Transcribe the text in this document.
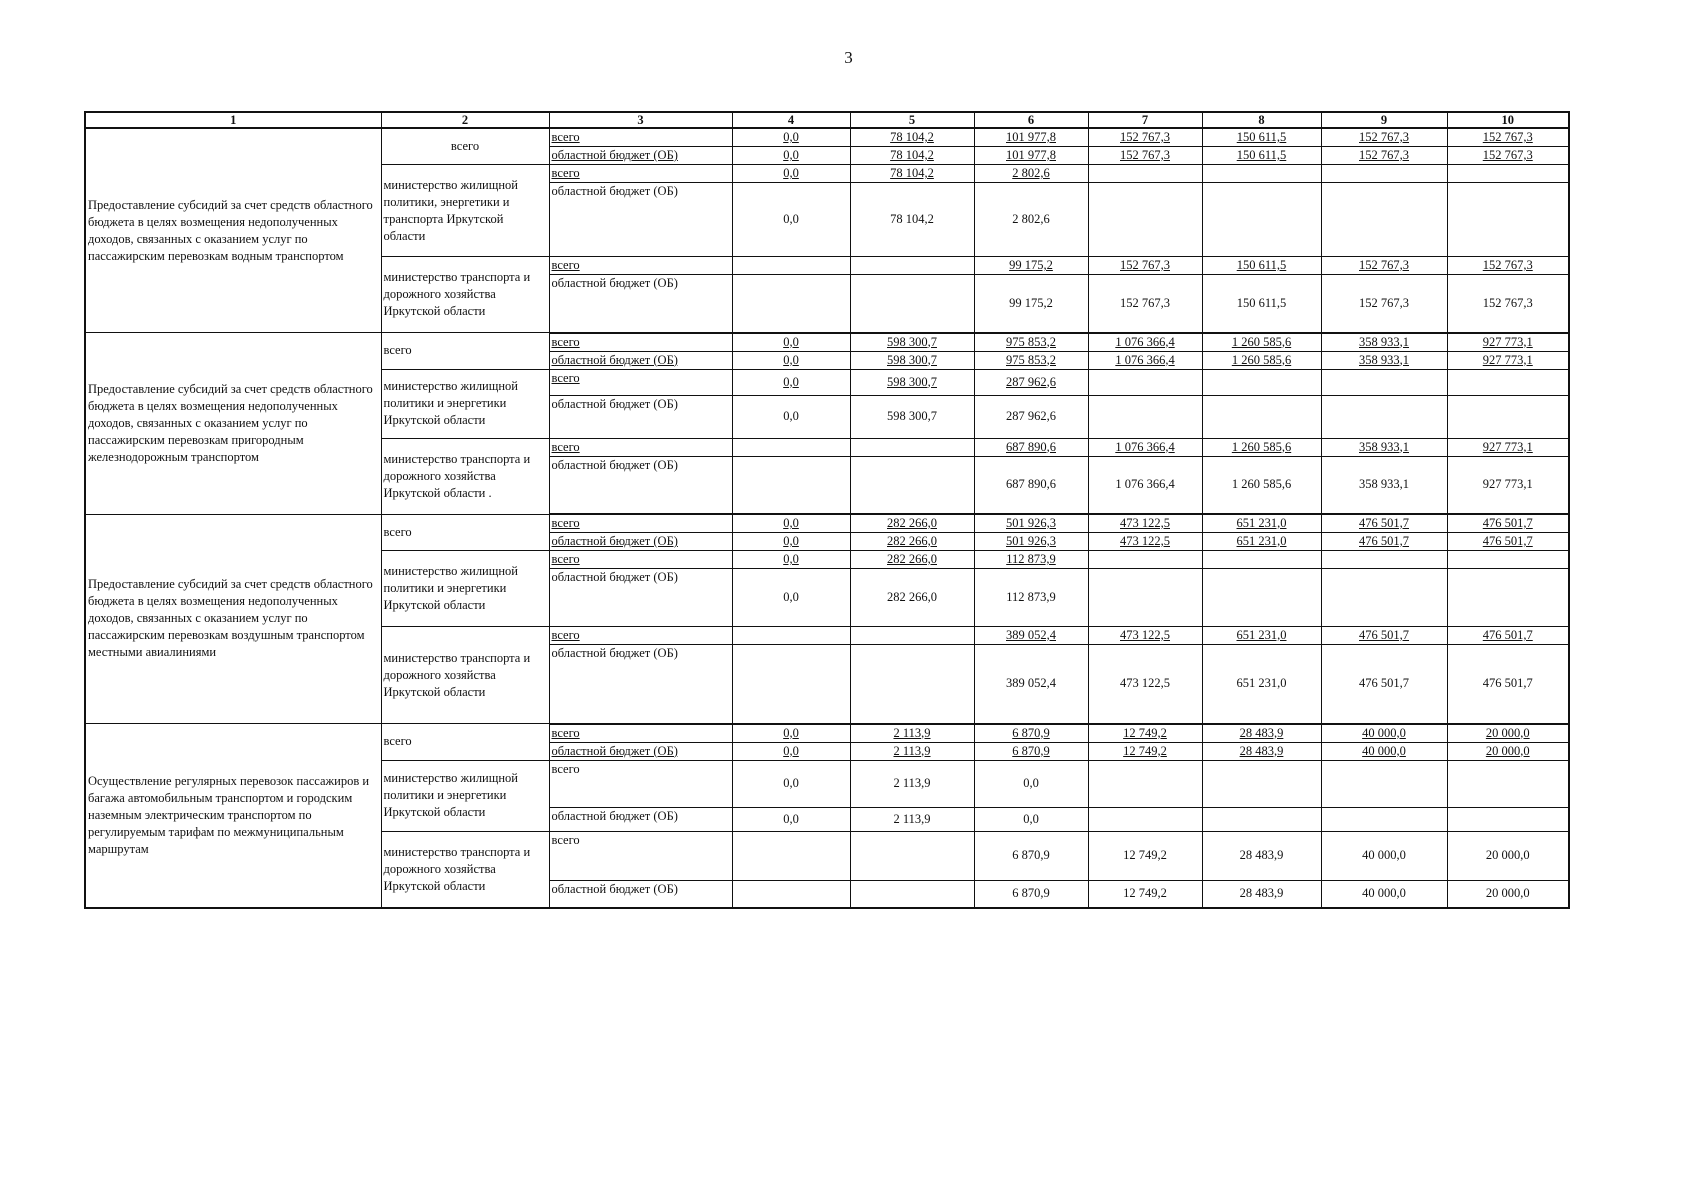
3
1	2	3	4	5	6	7	8	9	10
Предоставление субсидий за счет средств областного бюджета в целях возмещения недополученных доходов, связанных с оказанием услуг по пассажирским перевозкам водным транспортом	всего	всего	0,0	78 104,2	101 977,8	152 767,3	150 611,5	152 767,3	152 767,3
		областной бюджет (ОБ)	0,0	78 104,2	101 977,8	152 767,3	150 611,5	152 767,3	152 767,3
	министерство жилищной политики, энергетики и транспорта Иркутской области	всего	0,0	78 104,2	2 802,6				
		областной бюджет (ОБ)	0,0	78 104,2	2 802,6				
	министерство транспорта и дорожного хозяйства Иркутской области	всего			99 175,2	152 767,3	150 611,5	152 767,3	152 767,3
		областной бюджет (ОБ)			99 175,2	152 767,3	150 611,5	152 767,3	152 767,3
Предоставление субсидий за счет средств областного бюджета в целях возмещения недополученных доходов, связанных с оказанием услуг по пассажирским перевозкам пригородным железнодорожным транспортом	всего	всего	0,0	598 300,7	975 853,2	1 076 366,4	1 260 585,6	358 933,1	927 773,1
		областной бюджет (ОБ)	0,0	598 300,7	975 853,2	1 076 366,4	1 260 585,6	358 933,1	927 773,1
	министерство жилищной политики и энергетики Иркутской области	всего	0,0	598 300,7	287 962,6				
		областной бюджет (ОБ)	0,0	598 300,7	287 962,6				
	министерство транспорта и дорожного хозяйства Иркутской области .	всего			687 890,6	1 076 366,4	1 260 585,6	358 933,1	927 773,1
		областной бюджет (ОБ)			687 890,6	1 076 366,4	1 260 585,6	358 933,1	927 773,1
Предоставление субсидий за счет средств областного бюджета в целях возмещения недополученных доходов, связанных с оказанием услуг по пассажирским перевозкам воздушным транспортом местными авиалиниями	всего	всего	0,0	282 266,0	501 926,3	473 122,5	651 231,0	476 501,7	476 501,7
		областной бюджет (ОБ)	0,0	282 266,0	501 926,3	473 122,5	651 231,0	476 501,7	476 501,7
	министерство жилищной политики и энергетики Иркутской области	всего	0,0	282 266,0	112 873,9				
		областной бюджет (ОБ)	0,0	282 266,0	112 873,9				
	министерство транспорта и дорожного хозяйства Иркутской области	всего			389 052,4	473 122,5	651 231,0	476 501,7	476 501,7
		областной бюджет (ОБ)			389 052,4	473 122,5	651 231,0	476 501,7	476 501,7
Осуществление регулярных перевозок пассажиров и багажа автомобильным транспортом и городским наземным электрическим транспортом по регулируемым тарифам по межмуниципальным маршрутам	всего	всего	0,0	2 113,9	6 870,9	12 749,2	28 483,9	40 000,0	20 000,0
		областной бюджет (ОБ)	0,0	2 113,9	6 870,9	12 749,2	28 483,9	40 000,0	20 000,0
	министерство жилищной политики и энергетики Иркутской области	всего	0,0	2 113,9	0,0				
		областной бюджет (ОБ)	0,0	2 113,9	0,0				
	министерство транспорта и дорожного хозяйства Иркутской области	всего			6 870,9	12 749,2	28 483,9	40 000,0	20 000,0
		областной бюджет (ОБ)			6 870,9	12 749,2	28 483,9	40 000,0	20 000,0
